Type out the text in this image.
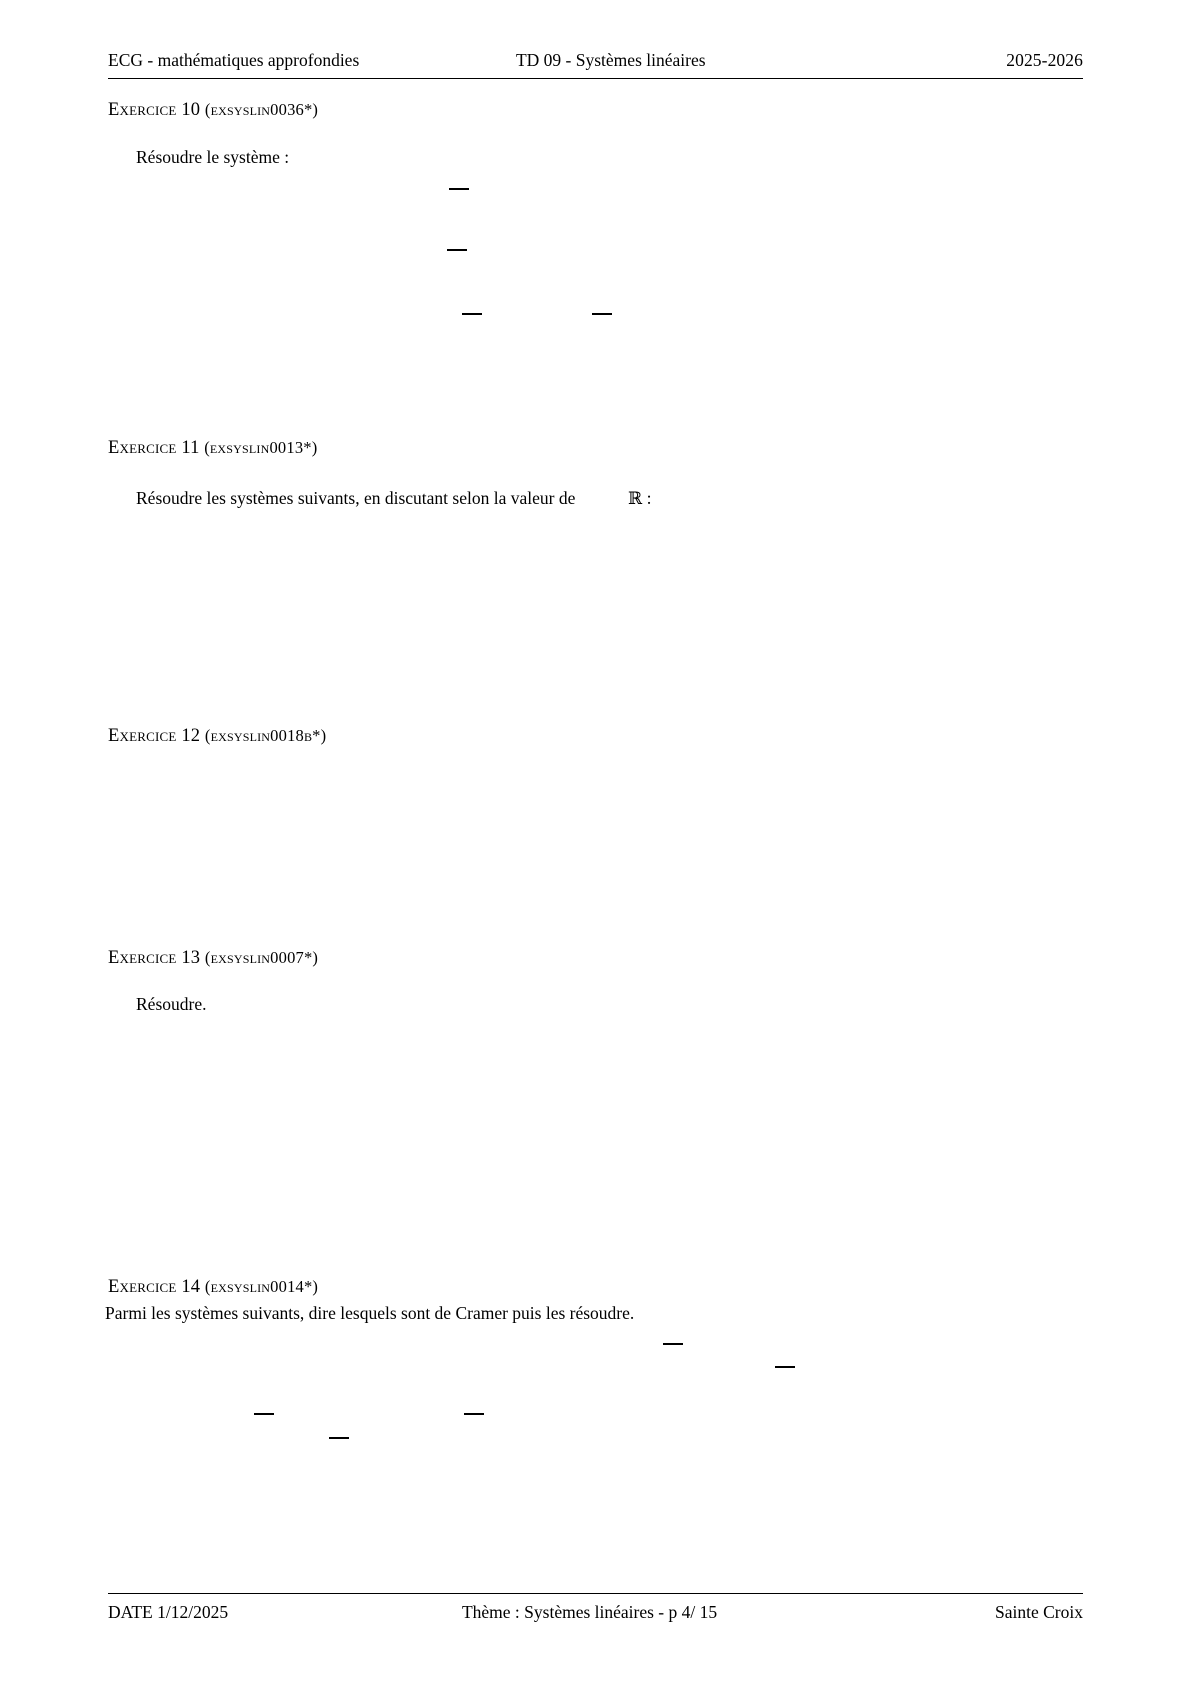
ECG - mathématiques approfondies	TD 09 - Systèmes linéaires	2025-2026
Exercice 10 (exsyslin0036*)
Résoudre le système :
Exercice 11 (exsyslin0013*)
Résoudre les systèmes suivants, en discutant selon la valeur de	ℝ :
Exercice 12 (exsyslin0018b*)
Exercice 13 (exsyslin0007*)
Résoudre.
Exercice 14 (exsyslin0014*)
Parmi les systèmes suivants, dire lesquels sont de Cramer puis les résoudre.
DATE 1/12/2025	Thème : Systèmes linéaires - p 4/ 15	Sainte Croix
